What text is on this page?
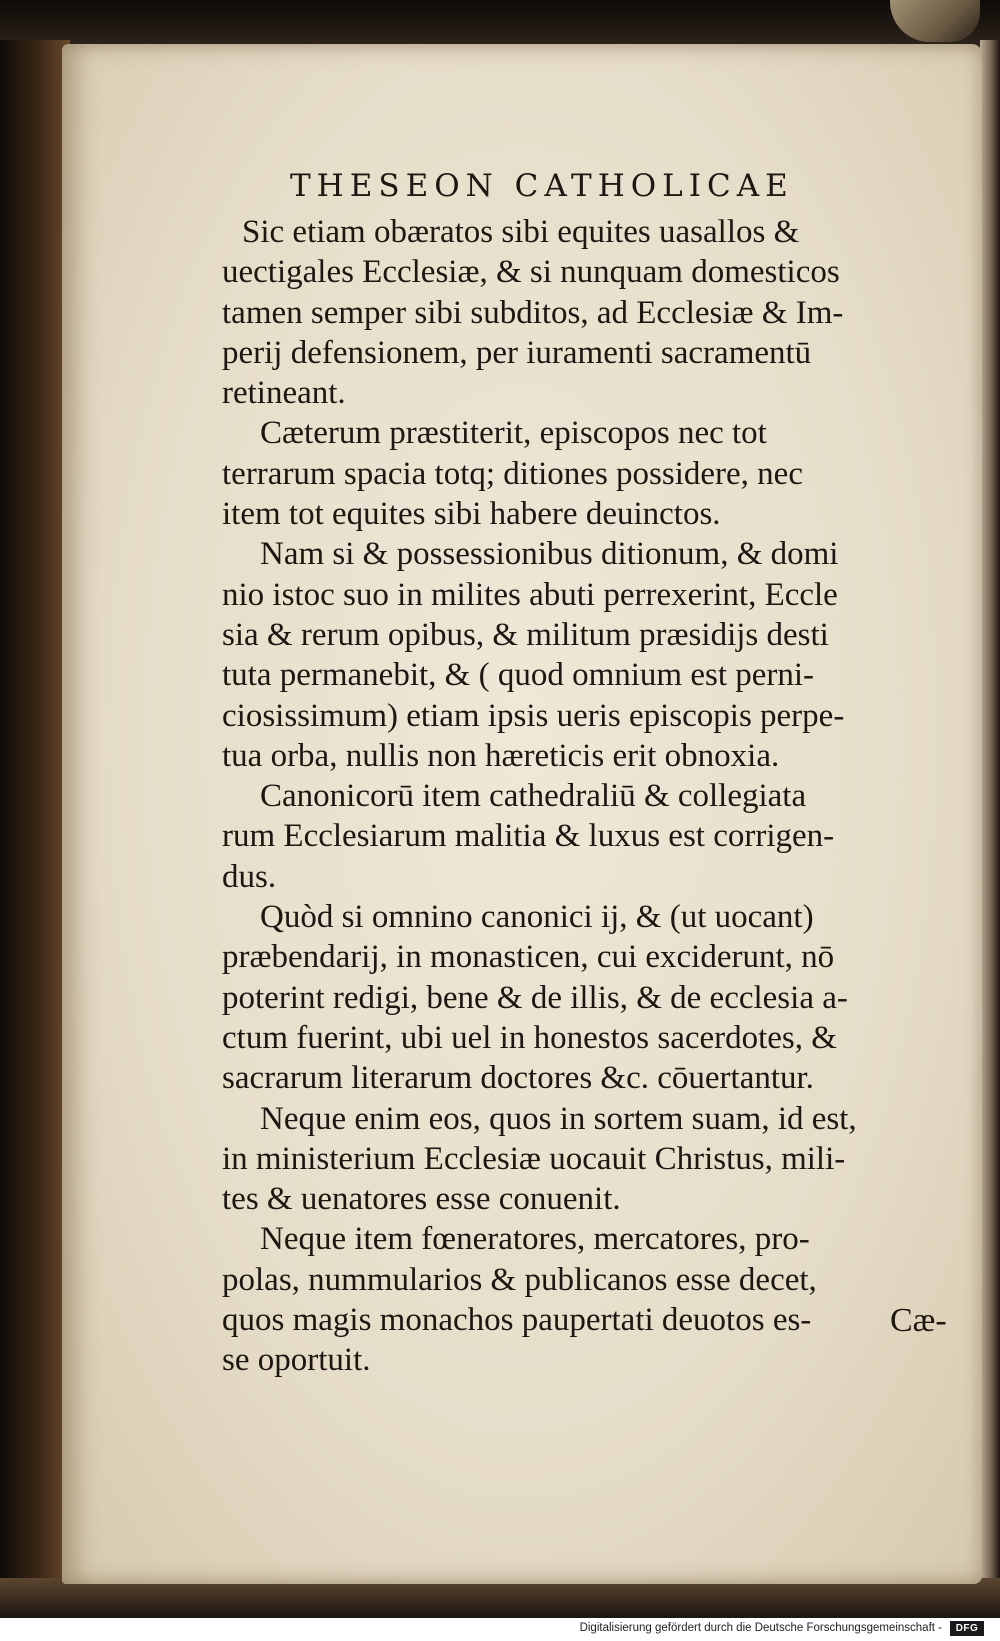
THESEON CATHOLICAE
Sic etiam obæratos sibi equites uasallos &
uectigales Ecclesiæ, & si nunquam domesticos
tamen semper sibi subditos, ad Ecclesiæ & Im-
perij defensionem, per iuramenti sacramentū
retineant.
Cæterum præstiterit, episcopos nec tot
terrarum spacia totq; ditiones possidere, nec
item tot equites sibi habere deuinctos.
Nam si & possessionibus ditionum, & domi
nio istoc suo in milites abuti perrexerint, Eccle
sia & rerum opibus, & militum præsidijs desti
tuta permanebit, & ( quod omnium est perni-
ciosissimum) etiam ipsis ueris episcopis perpe-
tua orba, nullis non hæreticis erit obnoxia.
Canonicorū item cathedraliū & collegiata
rum Ecclesiarum malitia & luxus est corrigen-
dus.
Quòd si omnino canonici ij, & (ut uocant)
præbendarij, in monasticen, cui exciderunt, nō
poterint redigi, bene & de illis, & de ecclesia a-
ctum fuerint, ubi uel in honestos sacerdotes, &
sacrarum literarum doctores &c. cōuertantur.
Neque enim eos, quos in sortem suam, id est,
in ministerium Ecclesiæ uocauit Christus, mili-
tes & uenatores esse conuenit.
Neque item fœneratores, mercatores, pro-
polas, nummularios & publicanos esse decet,
quos magis monachos paupertati deuotos es-
se oportuit.
Cæ-
Digitalisierung gefördert durch die Deutsche Forschungsgemeinschaft -	DFG
